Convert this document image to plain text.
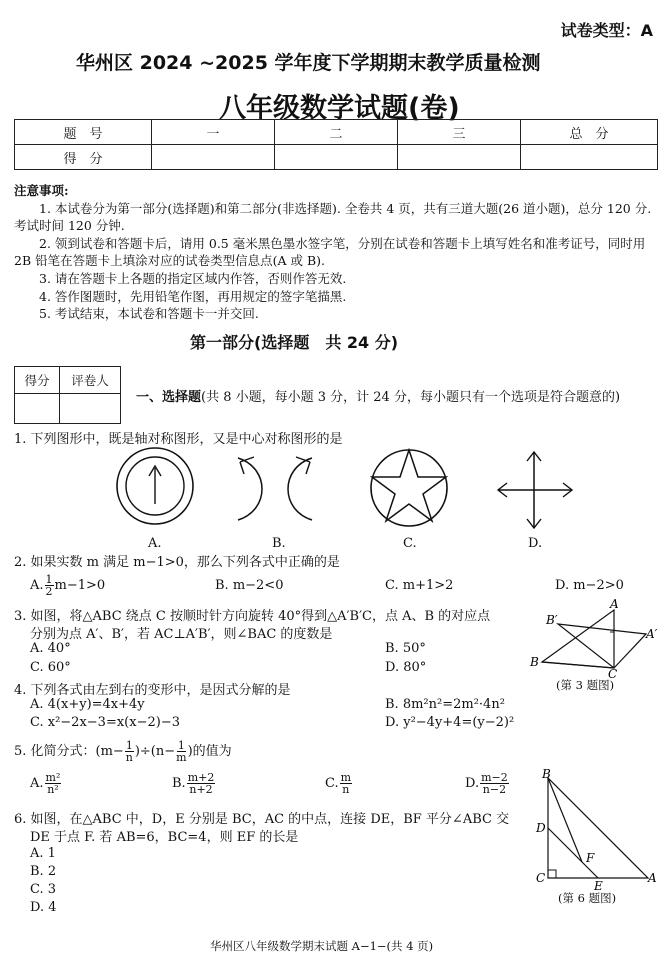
试卷类型：A
华州区 2024 ~2025 学年度下学期期末教学质量检测
八年级数学试题(卷)
题　号	一	二	三	总　分
得　分				

注意事项:

1. 本试卷分为第一部分(选择题)和第二部分(非选择题). 全卷共 4 页，共有三道大题(26 道小题)，总分 120 分. 考试时间 120 分钟.

2. 领到试卷和答题卡后，请用 0.5 毫米黑色墨水签字笔，分别在试卷和答题卡上填写姓名和准考证号，同时用 2B 铅笔在答题卡上填涂对应的试卷类型信息点(A 或 B).

3. 请在答题卡上各题的指定区域内作答，否则作答无效.

4. 答作图题时，先用铅笔作图，再用规定的签字笔描黑.

5. 考试结束，本试卷和答题卡一并交回.

第一部分(选择题　共 24 分)
得分	评卷人

一、选择题(共 8 小题，每小题 3 分，计 24 分，每小题只有一个选项是符合题意的)
1. 下列图形中，既是轴对称图形，又是中心对称图形的是
A.	B.	C.	D.
2. 如果实数 m 满足 m−1>0，那么下列各式中正确的是
A. $\frac{1}{2} m-1>0$	B. m−2<0	C. m+1>2	D. m−2>0
3. 如图，将△ABC 绕点 C 按顺时针方向旋转 40°得到△A′B′C，点 A、B 的对应点
分别为点 A′、B′，若 AC⊥A′B′，则∠BAC 的度数是
A. 40°	B. 50°
C. 60°	D. 80°	B
A
C
A′
B′
(第 3 题图)
4. 下列各式由左到右的变形中，是因式分解的是
A. 4(x+y)=4x+4y	B. 8m²n²=2m²·4n²
C. x²−2x−3=x(x−2)−3	D. y²−4y+4=(y−2)²
5. 化简分式：$(m- \frac{1}{n} )\div(n- \frac{1}{m}$ )的值为
A. $\frac{\text{m²}}{\text{n²}}$	B. $\frac{m+2}{n+2}$	C. $\frac{m}{n}$	D. $\frac{m-2}{n-2}$
6. 如图，在△ABC 中，D，E 分别是 BC，AC 的中点，连接 DE，BF 平分∠ABC 交
DE 于点 F. 若 AB=6，BC=4，则 EF 的长是
A. 1
B. 2
C. 3
D. 4
B
D
F
C
E
A
(第 6 题图)
华州区八年级数学期末试题 A−1−(共 4 页)
